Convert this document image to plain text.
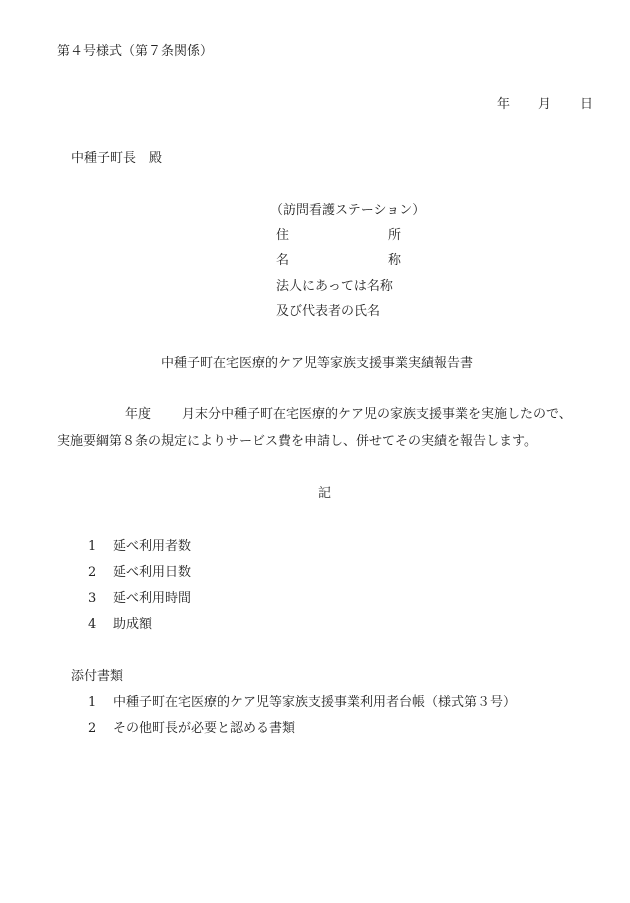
第４号様式（第７条関係）
年 月 日
中種子町長　殿
（訪問看護ステーション）
住	所
名	称
法人にあっては名称
及び代表者の氏名
中種子町在宅医療的ケア児等家族支援事業実績報告書
年度 月末分中種子町在宅医療的ケア児の家族支援事業を実施したので、
実施要綱第８条の規定によりサービス費を申請し、併せてその実績を報告します。
記
1 延べ利用者数
2 延べ利用日数
3 延べ利用時間
4 助成額
添付書類
1 中種子町在宅医療的ケア児等家族支援事業利用者台帳（様式第３号）
2 その他町長が必要と認める書類
